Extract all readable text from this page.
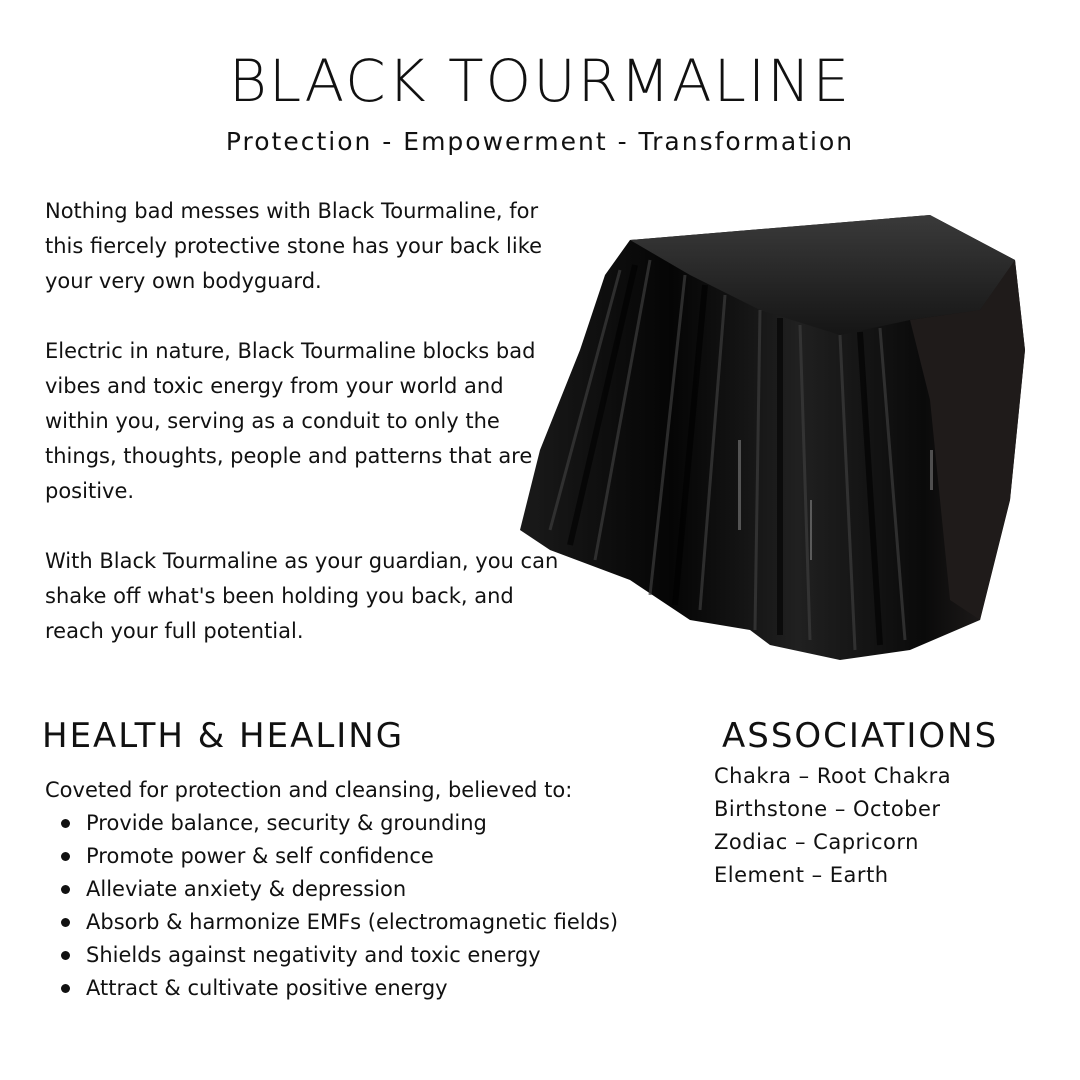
BLACK TOURMALINE
Protection - Empowerment - Transformation

Nothing bad messes with Black Tourmaline, for this fiercely protective stone has your back like your very own bodyguard.

Electric in nature, Black Tourmaline blocks bad vibes and toxic energy from your world and within you, serving as a conduit to only the things, thoughts, people and patterns that are positive.

With Black Tourmaline as your guardian, you can shake off what's been holding you back, and reach your full potential.

HEALTH & HEALING	ASSOCIATIONS
Coveted for protection and cleansing, believed to:
Provide balance, security & grounding
Promote power & self confidence
Alleviate anxiety & depression
Absorb & harmonize EMFs (electromagnetic fields)
Shields against negativity and toxic energy
Attract & cultivate positive energy
Chakra – Root Chakra
Birthstone – October
Zodiac – Capricorn
Element – Earth
